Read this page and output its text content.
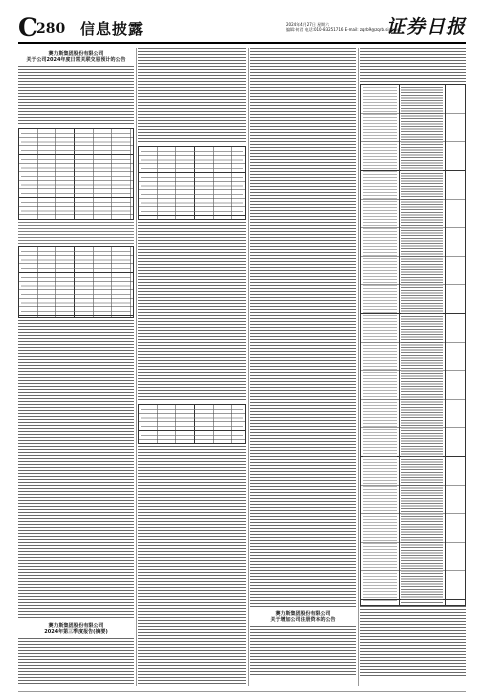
C
280 信息披露	2024年4月27日 星期六
编辑:何君 电话:010-83251716 E-mail: zqrb9@zqrb.sina.net
证券日报
赛力斯集团股份有限公司
关于公司2024年度日常关联交易预计的公告
赛力斯集团股份有限公司
2024年第三季度报告(摘要)
赛力斯集团股份有限公司
关于增加公司注册资本的公告
